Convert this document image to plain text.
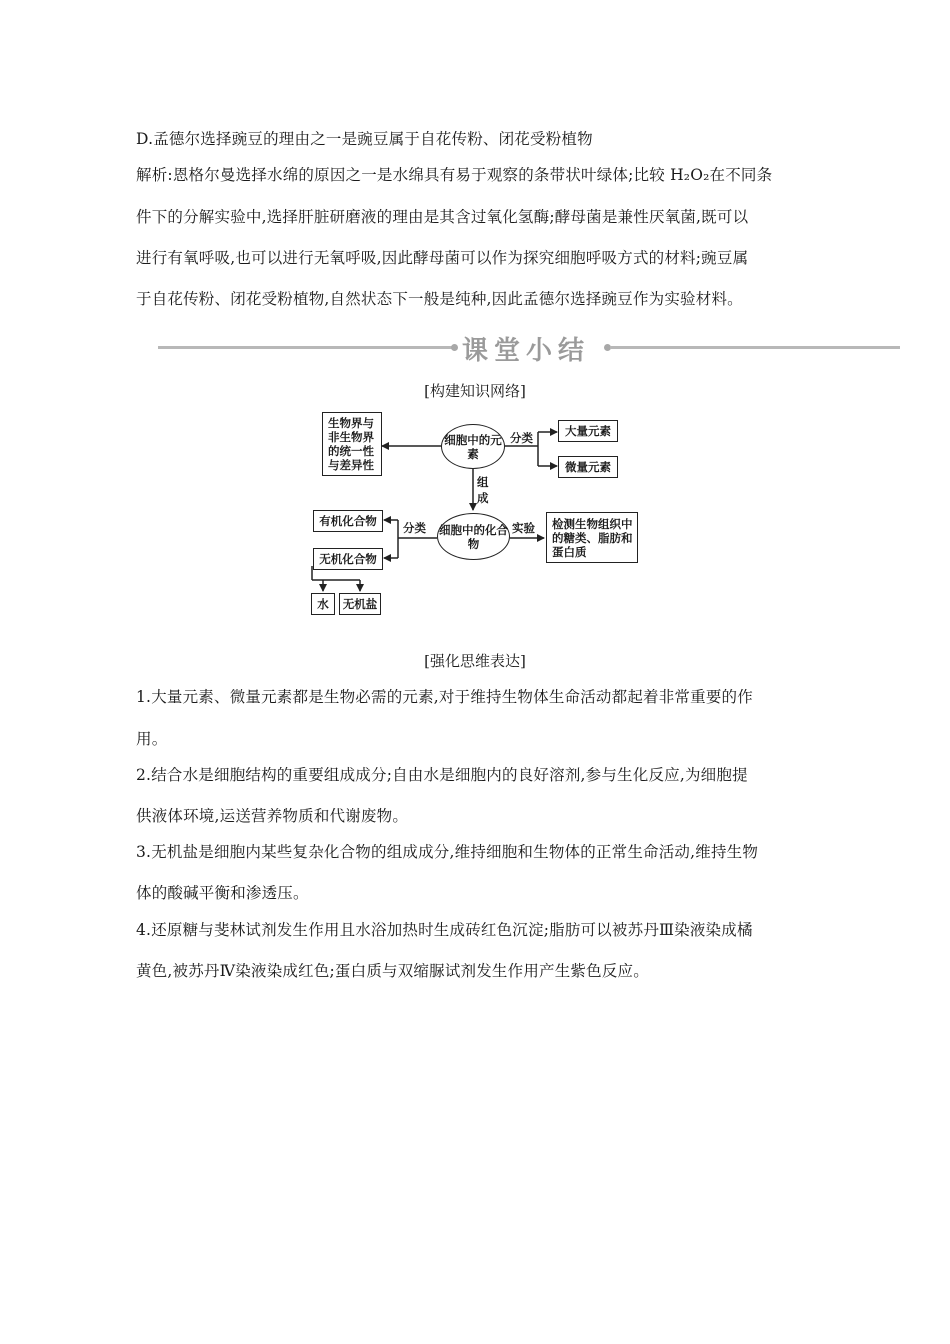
D.孟德尔选择豌豆的理由之一是豌豆属于自花传粉、闭花受粉植物
解析:恩格尔曼选择水绵的原因之一是水绵具有易于观察的条带状叶绿体;比较 H₂O₂在不同条
件下的分解实验中,选择肝脏研磨液的理由是其含过氧化氢酶;酵母菌是兼性厌氧菌,既可以
进行有氧呼吸,也可以进行无氧呼吸,因此酵母菌可以作为探究细胞呼吸方式的材料;豌豆属
于自花传粉、闭花受粉植物,自然状态下一般是纯种,因此孟德尔选择豌豆作为实验材料。
课堂小结
[构建知识网络]
生物界与非生物界的统一性与差异性
细胞中的元素
分类	大量元素
微量元素
组成
细胞中的化合物
分类
有机化合物
无机化合物
水	无机盐
实验	检测生物组织中的糖类、脂肪和蛋白质
[强化思维表达]
1.大量元素、微量元素都是生物必需的元素,对于维持生物体生命活动都起着非常重要的作
用。
2.结合水是细胞结构的重要组成成分;自由水是细胞内的良好溶剂,参与生化反应,为细胞提
供液体环境,运送营养物质和代谢废物。
3.无机盐是细胞内某些复杂化合物的组成成分,维持细胞和生物体的正常生命活动,维持生物
体的酸碱平衡和渗透压。
4.还原糖与斐林试剂发生作用且水浴加热时生成砖红色沉淀;脂肪可以被苏丹Ⅲ染液染成橘
黄色,被苏丹Ⅳ染液染成红色;蛋白质与双缩脲试剂发生作用产生紫色反应。
